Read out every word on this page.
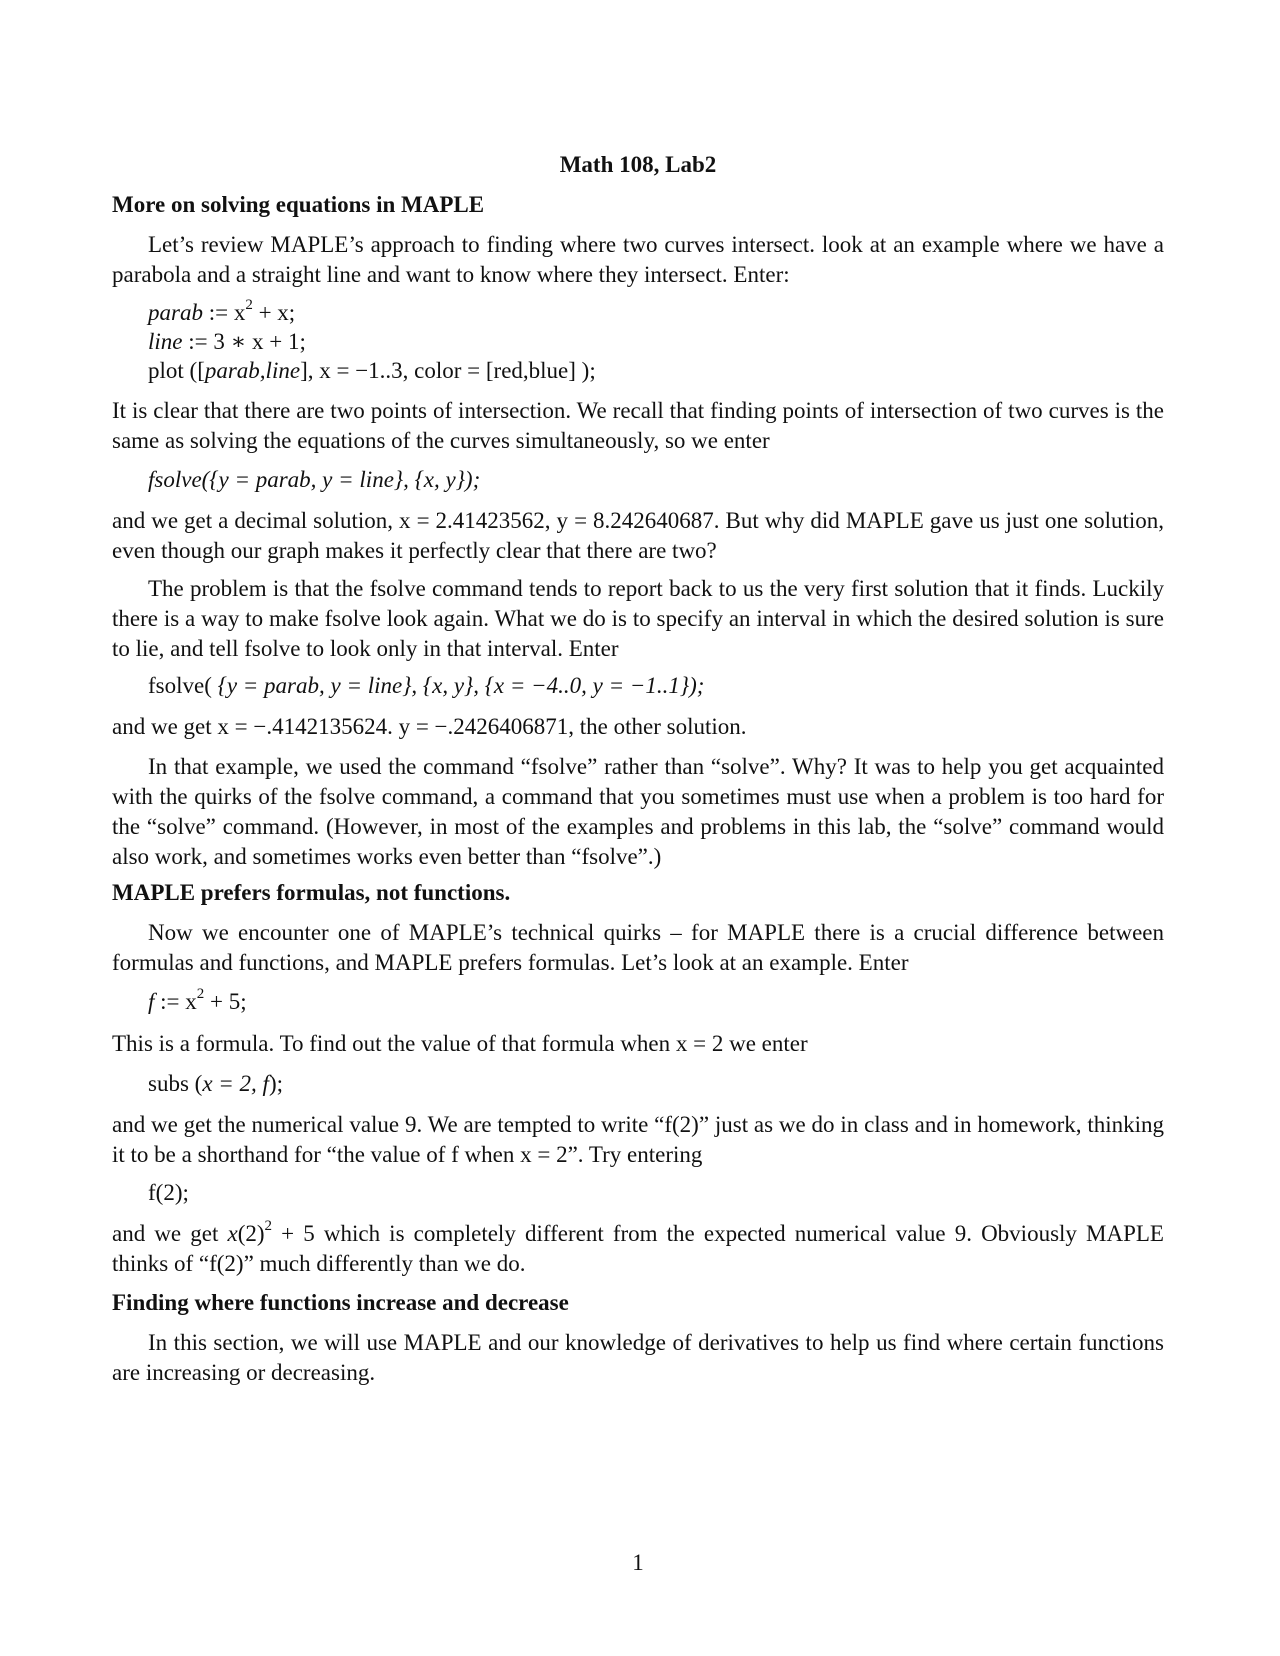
Math 108, Lab2
More on solving equations in MAPLE
Let’s review MAPLE’s approach to finding where two curves intersect. look at an example where we have a parabola and a straight line and want to know where they intersect. Enter:
parab := $x^2 + x$;
line := 3 ∗ x + 1;
plot ([parab,line], x = −1..3, color = [red,blue] );
It is clear that there are two points of intersection. We recall that finding points of intersection of two curves is the same as solving the equations of the curves simultaneously, so we enter
fsolve({y = parab, y = line}, {x, y});
and we get a decimal solution, x = 2.41423562, y = 8.242640687. But why did MAPLE gave us just one solution, even though our graph makes it perfectly clear that there are two?
The problem is that the fsolve command tends to report back to us the very first solution that it finds. Luckily there is a way to make fsolve look again. What we do is to specify an interval in which the desired solution is sure to lie, and tell fsolve to look only in that interval. Enter
fsolve( {y = parab, y = line}, {x, y}, {x = −4..0, y = −1..1});
and we get x = −.4142135624. y = −.2426406871, the other solution.
In that example, we used the command “fsolve” rather than “solve”. Why? It was to help you get acquainted with the quirks of the fsolve command, a command that you sometimes must use when a problem is too hard for the “solve” command. (However, in most of the examples and problems in this lab, the “solve” command would also work, and sometimes works even better than “fsolve”.)
MAPLE prefers formulas, not functions.
Now we encounter one of MAPLE’s technical quirks – for MAPLE there is a crucial difference between formulas and functions, and MAPLE prefers formulas. Let’s look at an example. Enter
f := $x^2 + 5$;
This is a formula. To find out the value of that formula when x = 2 we enter
subs (x = 2, f);
and we get the numerical value 9. We are tempted to write “f(2)” just as we do in class and in homework, thinking it to be a shorthand for “the value of f when x = 2”. Try entering
f(2);
and we get $x(2)^2 + 5$ which is completely different from the expected numerical value 9. Obviously MAPLE thinks of “f(2)” much differently than we do.
Finding where functions increase and decrease
In this section, we will use MAPLE and our knowledge of derivatives to help us find where certain functions are increasing or decreasing.
1
